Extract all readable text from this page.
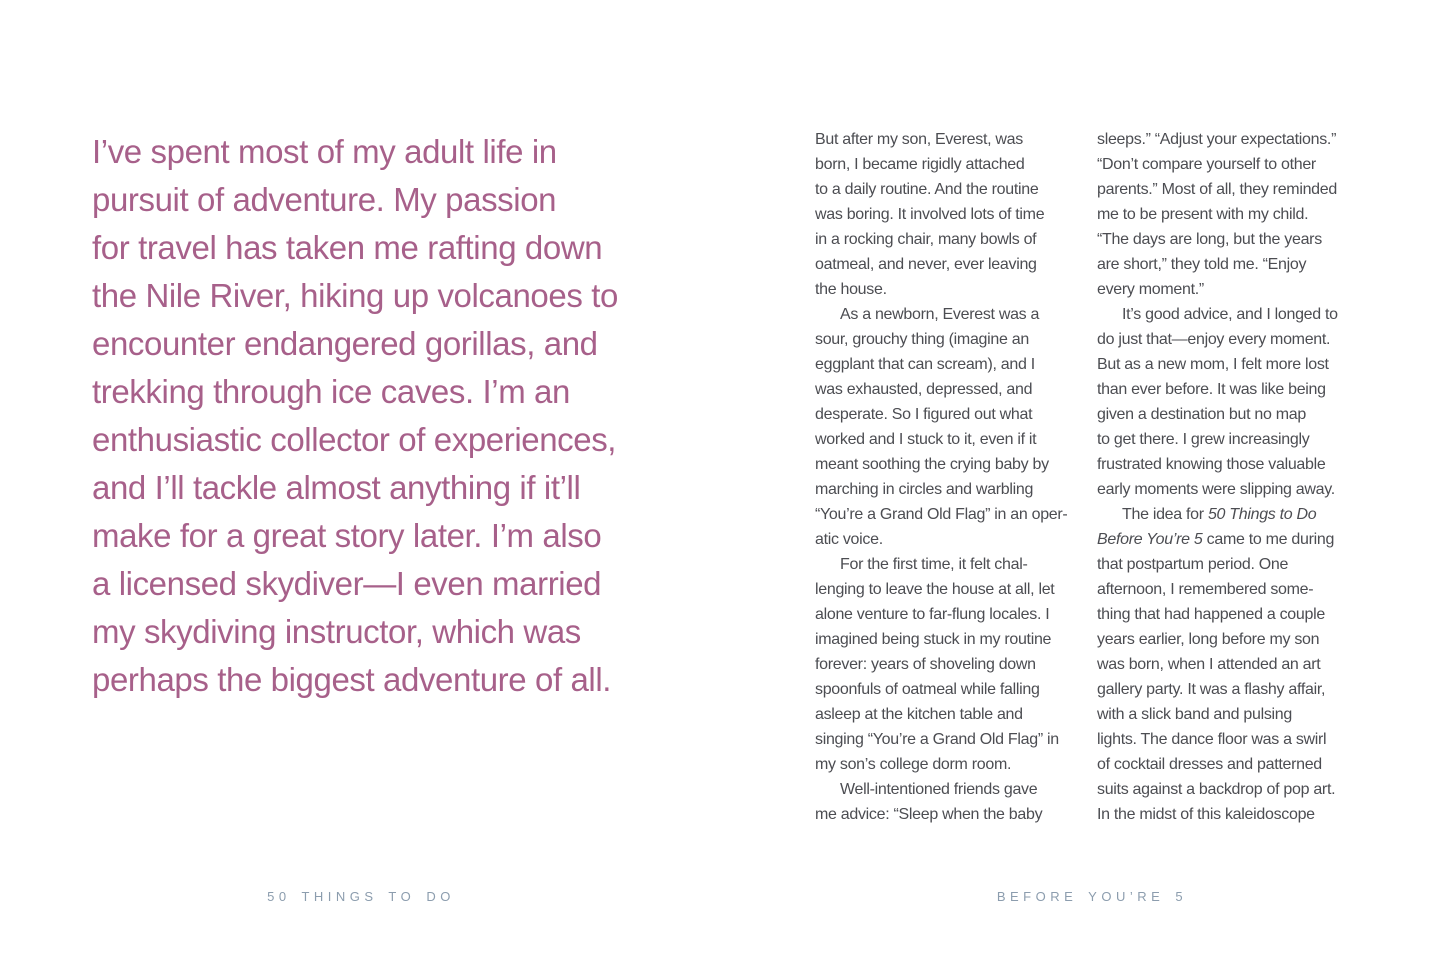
I’ve spent most of my adult life in
pursuit of adventure. My passion
for travel has taken me rafting down
the Nile River, hiking up volcanoes to
encounter endangered gorillas, and
trekking through ice caves. I’m an
enthusiastic collector of experiences,
and I’ll tackle almost anything if it’ll
make for a great story later. I’m also
a licensed skydiver—I even married
my skydiving instructor, which was
perhaps the biggest adventure of all.
50 THINGS TO DO
But after my son, Everest, was
born, I became rigidly attached
to a daily routine. And the routine
was boring. It involved lots of time
in a rocking chair, many bowls of
oatmeal, and never, ever leaving
the house.
As a newborn, Everest was a
sour, grouchy thing (imagine an
eggplant that can scream), and I
was exhausted, depressed, and
desperate. So I figured out what
worked and I stuck to it, even if it
meant soothing the crying baby by
marching in circles and warbling
“You’re a Grand Old Flag” in an oper-
atic voice.
For the first time, it felt chal-
lenging to leave the house at all, let
alone venture to far-flung locales. I
imagined being stuck in my routine
forever: years of shoveling down
spoonfuls of oatmeal while falling
asleep at the kitchen table and
singing “You’re a Grand Old Flag” in
my son’s college dorm room.
Well-intentioned friends gave
me advice: “Sleep when the baby
sleeps.” “Adjust your expectations.”
“Don’t compare yourself to other
parents.” Most of all, they reminded
me to be present with my child.
“The days are long, but the years
are short,” they told me. “Enjoy
every moment.”
It’s good advice, and I longed to
do just that—enjoy every moment.
But as a new mom, I felt more lost
than ever before. It was like being
given a destination but no map
to get there. I grew increasingly
frustrated knowing those valuable
early moments were slipping away.
The idea for 50 Things to Do
Before You’re 5 came to me during
that postpartum period. One
afternoon, I remembered some-
thing that had happened a couple
years earlier, long before my son
was born, when I attended an art
gallery party. It was a flashy affair,
with a slick band and pulsing
lights. The dance floor was a swirl
of cocktail dresses and patterned
suits against a backdrop of pop art.
In the midst of this kaleidoscope
BEFORE YOU’RE 5
